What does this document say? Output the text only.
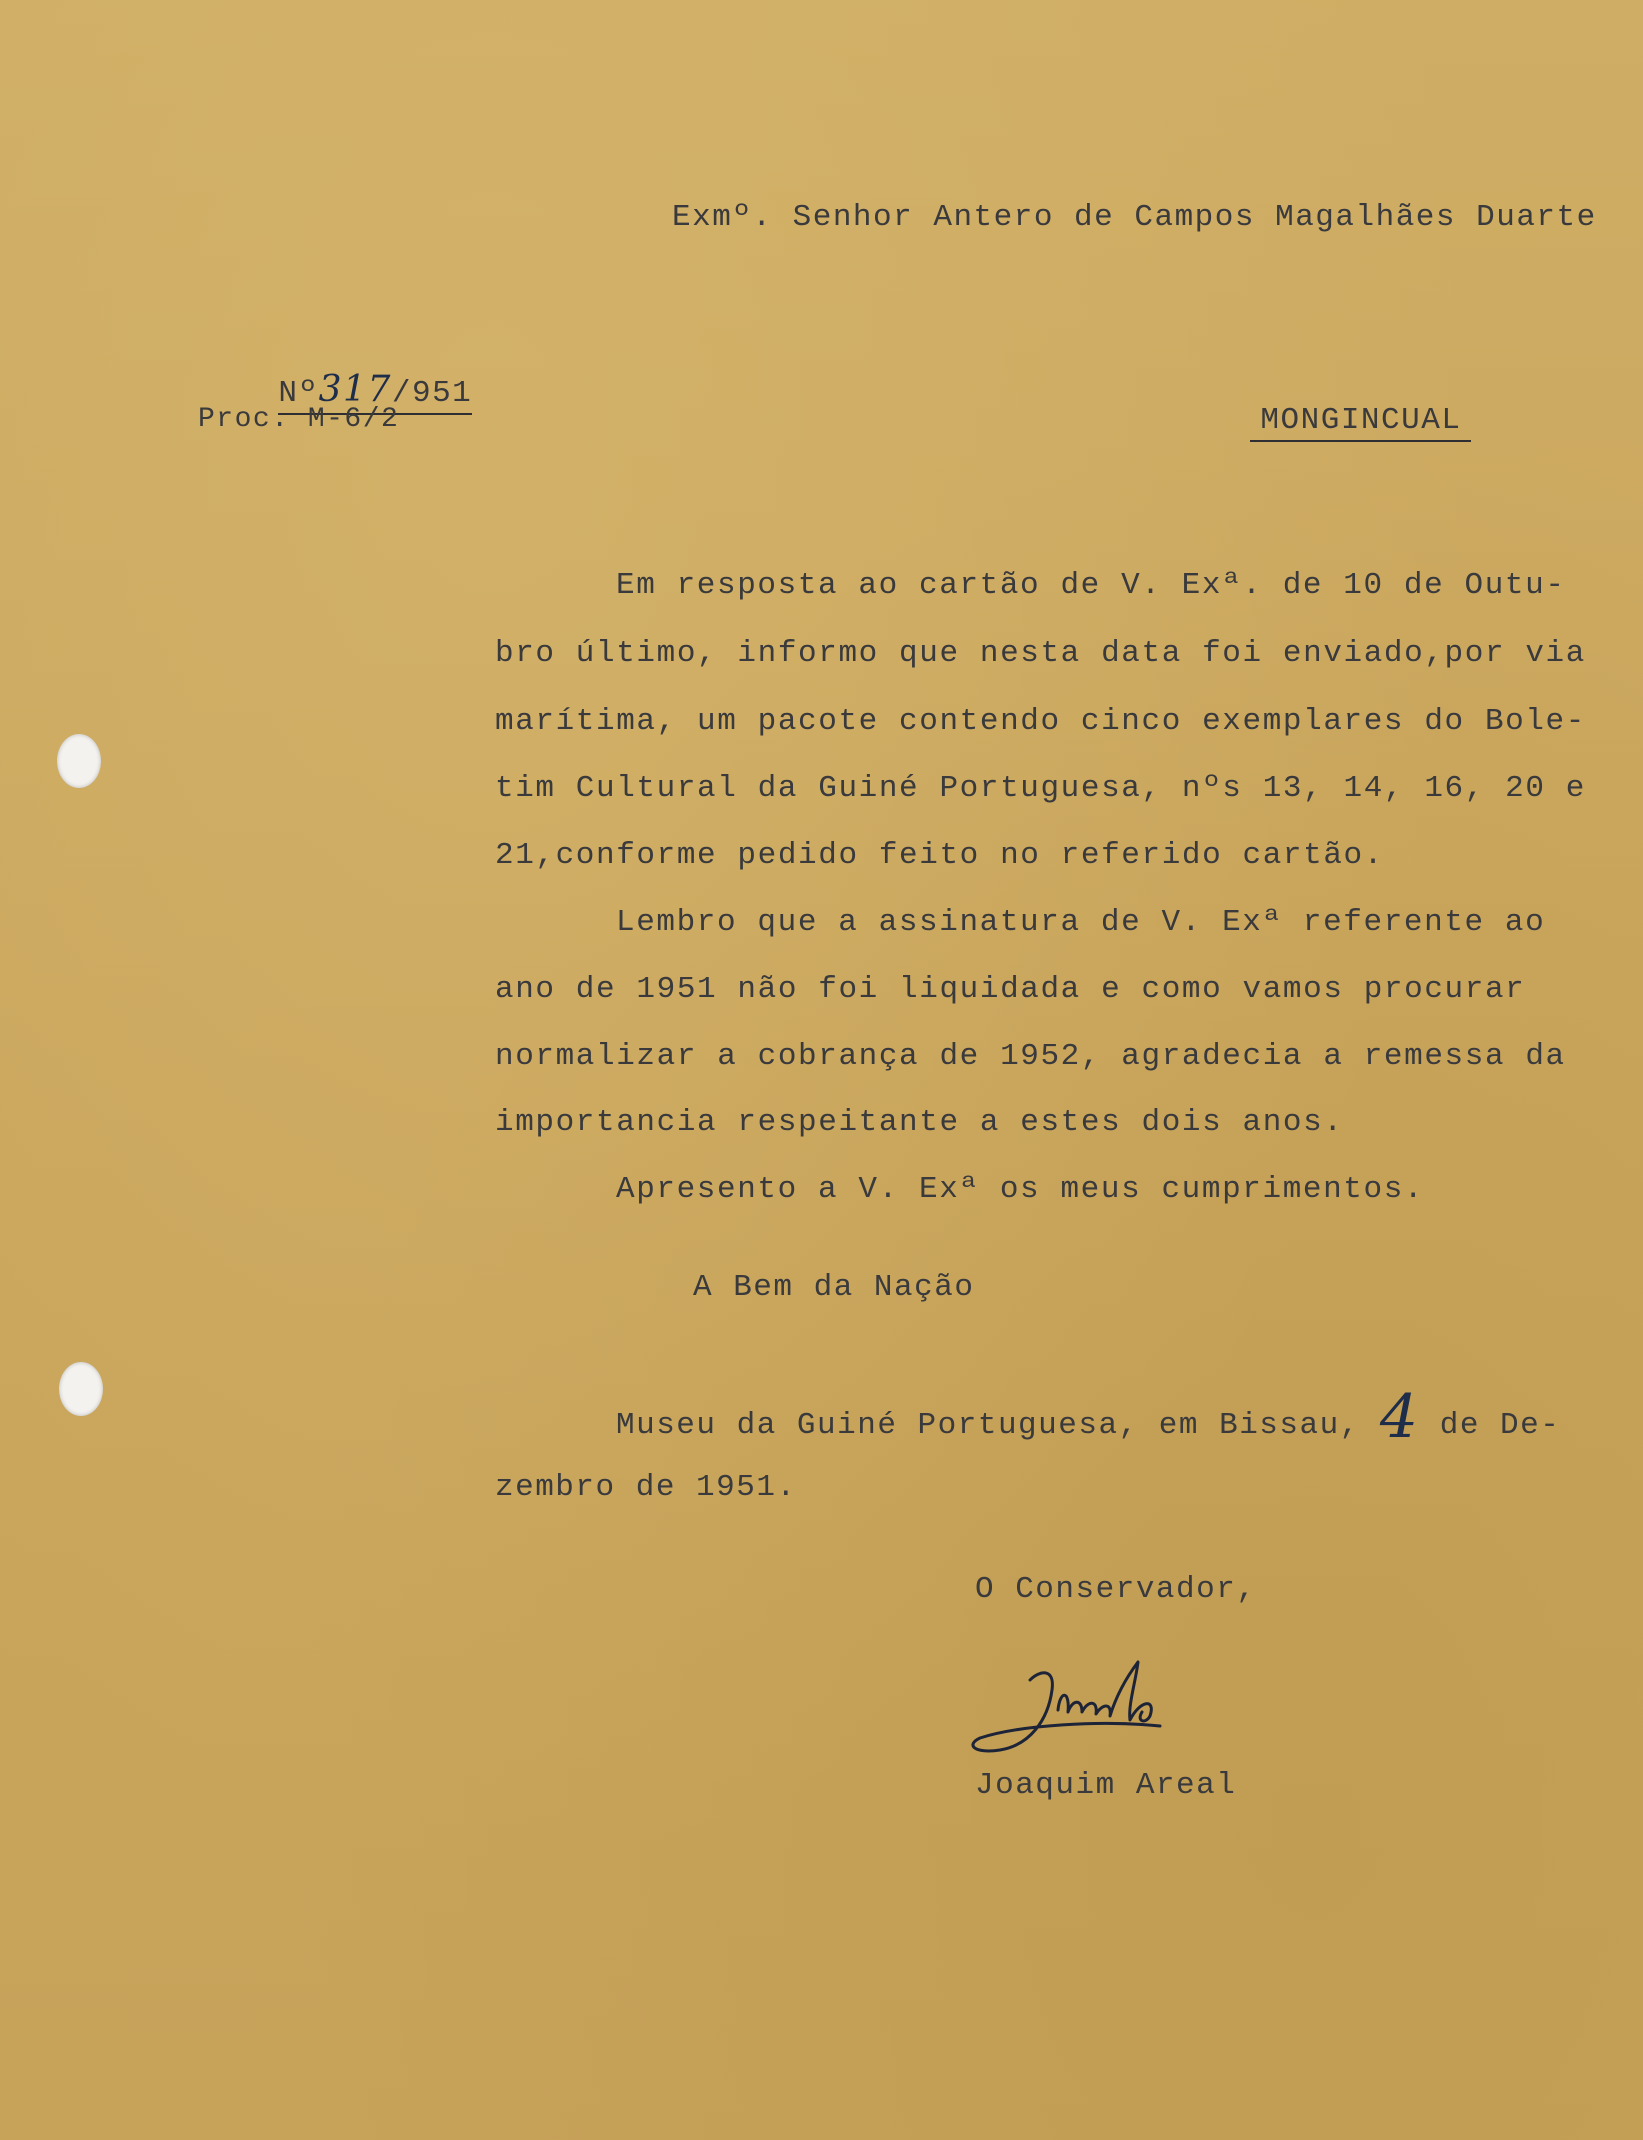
Exmº. Senhor Antero de Campos Magalhães Duarte

Nº317/951

Proc. M-6/2	MONGINCUAL

Em resposta ao cartão de V. Exª. de 10 de Outu-
bro último, informo que nesta data foi enviado,por via
marítima, um pacote contendo cinco exemplares do Bole-
tim Cultural da Guiné Portuguesa, nºs 13, 14, 16, 20 e
21,conforme pedido feito no referido cartão.
Lembro que a assinatura de V. Exª referente ao
ano de 1951 não foi liquidada e como vamos procurar
normalizar a cobrança de 1952, agradecia a remessa da
importancia respeitante a estes dois anos.
Apresento a V. Exª os meus cumprimentos.
A Bem da Nação
Museu da Guiné Portuguesa, em Bissau, 4 de De-
zembro de 1951.
O Conservador,
Joaquim Areal
